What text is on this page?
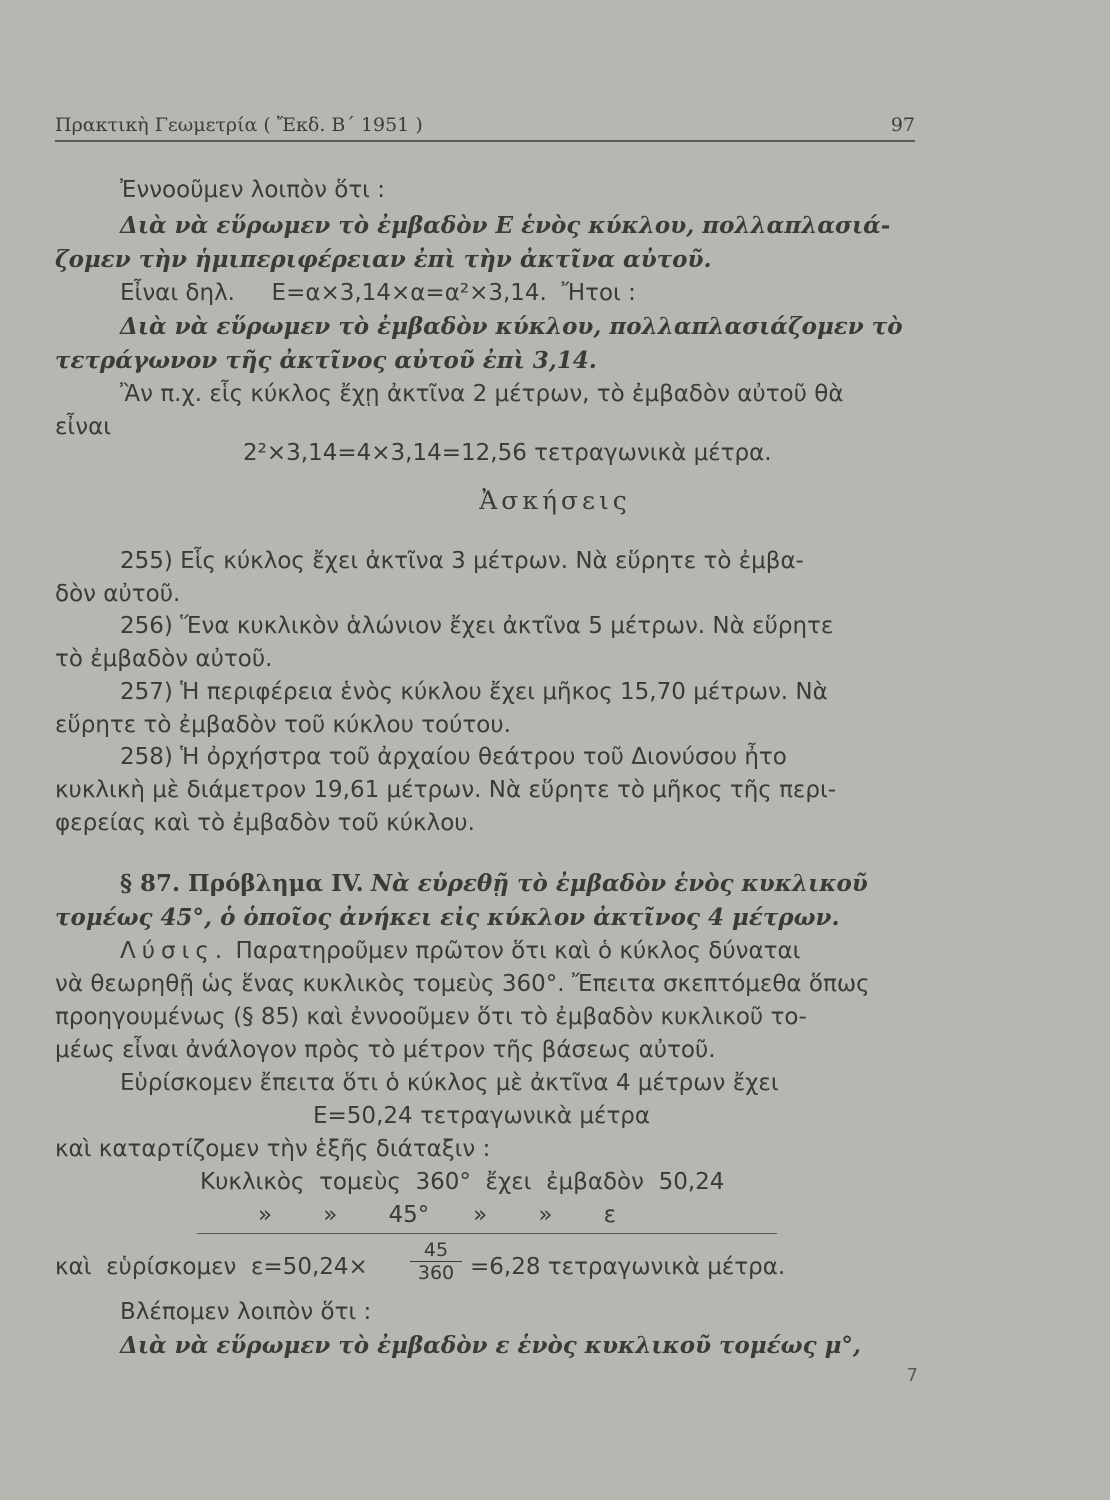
Πρακτικὴ Γεωμετρία ( Ἔκδ. Β΄ 1951 )	97
Ἐννοοῦμεν λοιπὸν ὅτι :
Διὰ νὰ εὕρωμεν τὸ ἐμβαδὸν Ε ἑνὸς κύκλου, πολλαπλασιά-
ζομεν τὴν ἡμιπεριφέρειαν ἐπὶ τὴν ἀκτῖνα αὐτοῦ.
Εἶναι δηλ.     Ε=α×3,14×α=α²×3,14.  Ἤτοι :
Διὰ νὰ εὕρωμεν τὸ ἐμβαδὸν κύκλου, πολλαπλασιάζομεν τὸ
τετράγωνον τῆς ἀκτῖνος αὐτοῦ ἐπὶ 3,14.
Ἂν π.χ. εἷς κύκλος ἔχῃ ἀκτῖνα 2 μέτρων, τὸ ἐμβαδὸν αὐτοῦ θὰ
εἶναι
2²×3,14=4×3,14=12,56 τετραγωνικὰ μέτρα.
Ἀσκήσεις
255) Εἷς κύκλος ἔχει ἀκτῖνα 3 μέτρων. Νὰ εὕρητε τὸ ἐμβα-
δὸν αὐτοῦ.
256) Ἕνα κυκλικὸν ἁλώνιον ἔχει ἀκτῖνα 5 μέτρων. Νὰ εὕρητε
τὸ ἐμβαδὸν αὐτοῦ.
257) Ἡ περιφέρεια ἑνὸς κύκλου ἔχει μῆκος 15,70 μέτρων. Νὰ
εὕρητε τὸ ἐμβαδὸν τοῦ κύκλου τούτου.
258) Ἡ ὀρχήστρα τοῦ ἀρχαίου θεάτρου τοῦ Διονύσου ἦτο
κυκλικὴ μὲ διάμετρον 19,61 μέτρων. Νὰ εὕρητε τὸ μῆκος τῆς περι-
φερείας καὶ τὸ ἐμβαδὸν τοῦ κύκλου.
§ 87. Πρόβλημα IV. Νὰ εὑρεθῇ τὸ ἐμβαδὸν ἑνὸς κυκλικοῦ
τομέως 45°, ὁ ὁποῖος ἀνήκει εἰς κύκλον ἀκτῖνος 4 μέτρων.
Λύσις. Παρατηροῦμεν πρῶτον ὅτι καὶ ὁ κύκλος δύναται
νὰ θεωρηθῇ ὡς ἕνας κυκλικὸς τομεὺς 360°. Ἔπειτα σκεπτόμεθα ὅπως
προηγουμένως (§ 85) καὶ ἐννοοῦμεν ὅτι τὸ ἐμβαδὸν κυκλικοῦ το-
μέως εἶναι ἀνάλογον πρὸς τὸ μέτρον τῆς βάσεως αὐτοῦ.
Εὑρίσκομεν ἔπειτα ὅτι ὁ κύκλος μὲ ἀκτῖνα 4 μέτρων ἔχει
Ε=50,24 τετραγωνικὰ μέτρα
καὶ καταρτίζομεν τὴν ἑξῆς διάταξιν :
Κυκλικὸς  τομεὺς  360°  ἔχει  ἐμβαδὸν  50,24
»       »       45°      »       »       ε
καὶ  εὑρίσκομεν  $\varepsilon=50,24\times \frac{45}{360} =6,28$ τετραγωνικὰ μέτρα.
Βλέπομεν λοιπὸν ὅτι :
Διὰ νὰ εὕρωμεν τὸ ἐμβαδὸν ε ἑνὸς κυκλικοῦ τομέως μ°,
7
